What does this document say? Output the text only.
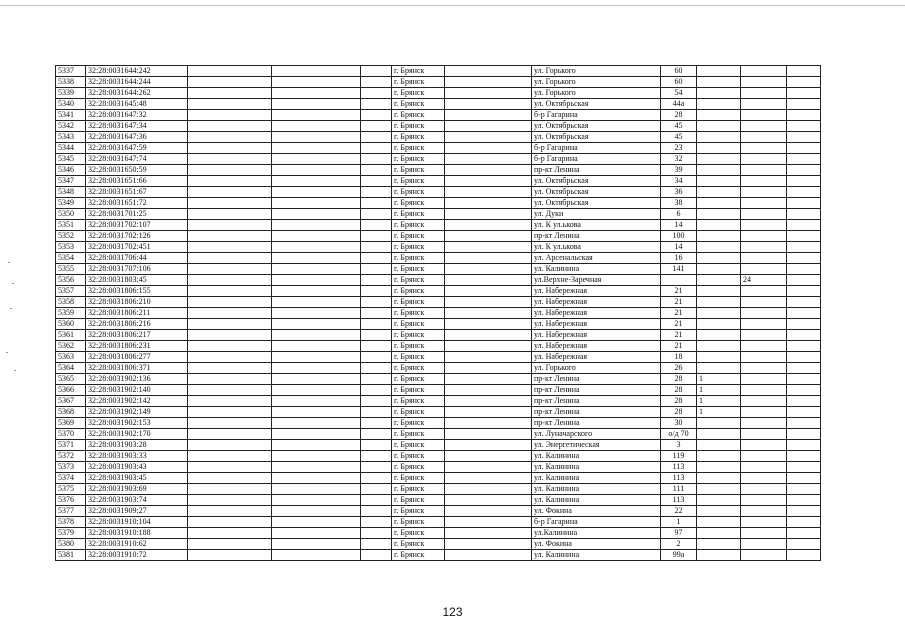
5337	32:28:0031644:242				г. Брянск		ул. Горького	60			
5338	32:28:0031644:244				г. Брянск		ул. Горького	60			
5339	32:28:0031644:262				г. Брянск		ул. Горького	54			
5340	32:28:0031645:48				г. Брянск		ул. Октябрьская	44а			
5341	32:28:0031647:32				г. Брянск		б-р Гагарина	28			
5342	32:28:0031647:34				г. Брянск		ул. Октябрьская	45			
5343	32:28:0031647:36				г. Брянск		ул. Октябрьская	45			
5344	32:28:0031647:59				г. Брянск		б-р Гагарина	23			
5345	32:28:0031647:74				г. Брянск		б-р Гагарина	32			
5346	32:28:0031650:59				г. Брянск		пр-кт Ленина	39			
5347	32:28:0031651:66				г. Брянск		ул. Октябрьская	34			
5348	32:28:0031651:67				г. Брянск		ул. Октябрьская	36			
5349	32:28:0031651:72				г. Брянск		ул. Октябрьская	38			
5350	32:28:0031701:25				г. Брянск		ул. Дуки	6			
5351	32:28:0031702:107				г. Брянск		ул. К ул.ькова	14			
5352	32:28:0031702:126				г. Брянск		пр-кт Ленина	100			
5353	32:28:0031702:451				г. Брянск		ул. К ул.ькова	14			
5354	32:28:0031706:44				г. Брянск		ул. Арсенальская	16			
5355	32:28:0031707:106				г. Брянск		ул. Калинина	141			
5356	32:28:0031803:45				г. Брянск		ул.Верхне-Заречная			24	
5357	32:28:0031806:155				г. Брянск		ул. Набережная	21			
5358	32:28:0031806:210				г. Брянск		ул. Набережная	21			
5359	32:28:0031806:211				г. Брянск		ул. Набережная	21			
5360	32:28:0031806:216				г. Брянск		ул. Набережная	21			
5361	32:28:0031806:217				г. Брянск		ул. Набережная	21			
5362	32:28:0031806:231				г. Брянск		ул. Набережная	21			
5363	32:28:0031806:277				г. Брянск		ул. Набережная	18			
5364	32:28:0031806:371				г. Брянск		ул. Горького	26			
5365	32:28:0031902:136				г. Брянск		пр-кт Ленина	28	1		
5366	32:28:0031902:140				г. Брянск		пр-кт Ленина	28	1		
5367	32:28:0031902:142				г. Брянск		пр-кт Ленина	28	1		
5368	32:28:0031902:149				г. Брянск		пр-кт Ленина	28	1		
5369	32:28:0031902:153				г. Брянск		пр-кт Ленина	30			
5370	32:28:0031902:170				г. Брянск		ул. Луначарского	о/д 70			
5371	32:28:0031903:28				г. Брянск		ул. Энергетическая	3			
5372	32:28:0031903:33				г. Брянск		ул. Калинина	119			
5373	32:28:0031903:43				г. Брянск		ул. Калинина	113			
5374	32:28:0031903:45				г. Брянск		ул. Калинина	113			
5375	32:28:0031903:69				г. Брянск		ул. Калинина	111			
5376	32:28:0031903:74				г. Брянск		ул. Калинина	113			
5377	32:28:0031909:27				г. Брянск		ул. Фокина	22			
5378	32:28:0031910:104				г. Брянск		б-р Гагарина	1			
5379	32:28:0031910:188				г. Брянск		ул.Калинина	97			
5380	32:28:0031910:62				г. Брянск		ул. Фокина	2			
5381	32:28:0031910:72				г. Брянск		ул. Калинина	99а			
123
